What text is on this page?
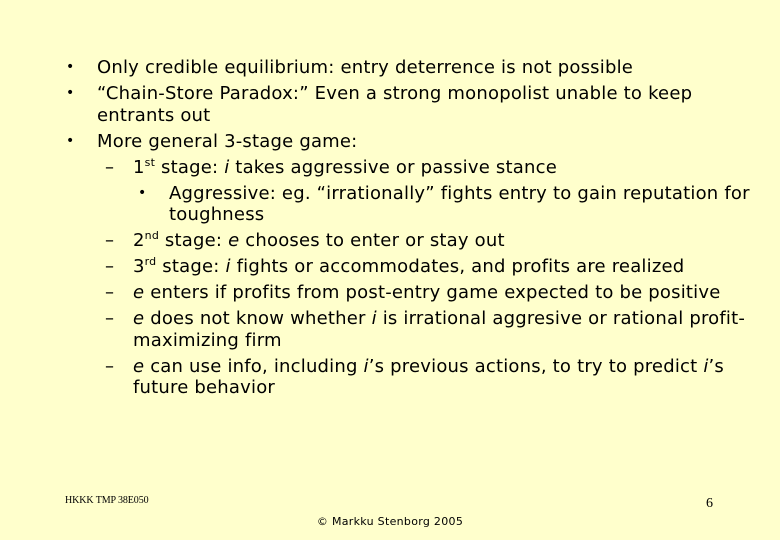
• Only credible equilibrium: entry deterrence is not possible
• “Chain-Store Paradox:” Even a strong monopolist unable to keep entrants out
• More general 3-stage game:
– 1st stage: i takes aggressive or passive stance
• Aggressive: eg. “irrationally” fights entry to gain reputation for toughness
– 2nd stage: e chooses to enter or stay out
– 3rd stage: i fights or accommodates, and profits are realized
– e enters if profits from post-entry game expected to be positive
– e does not know whether i is irrational aggresive or rational profit-maximizing firm
– e can use info, including i’s previous actions, to try to predict i’s future behavior
HKKK TMP 38E050	6
© Markku Stenborg 2005
